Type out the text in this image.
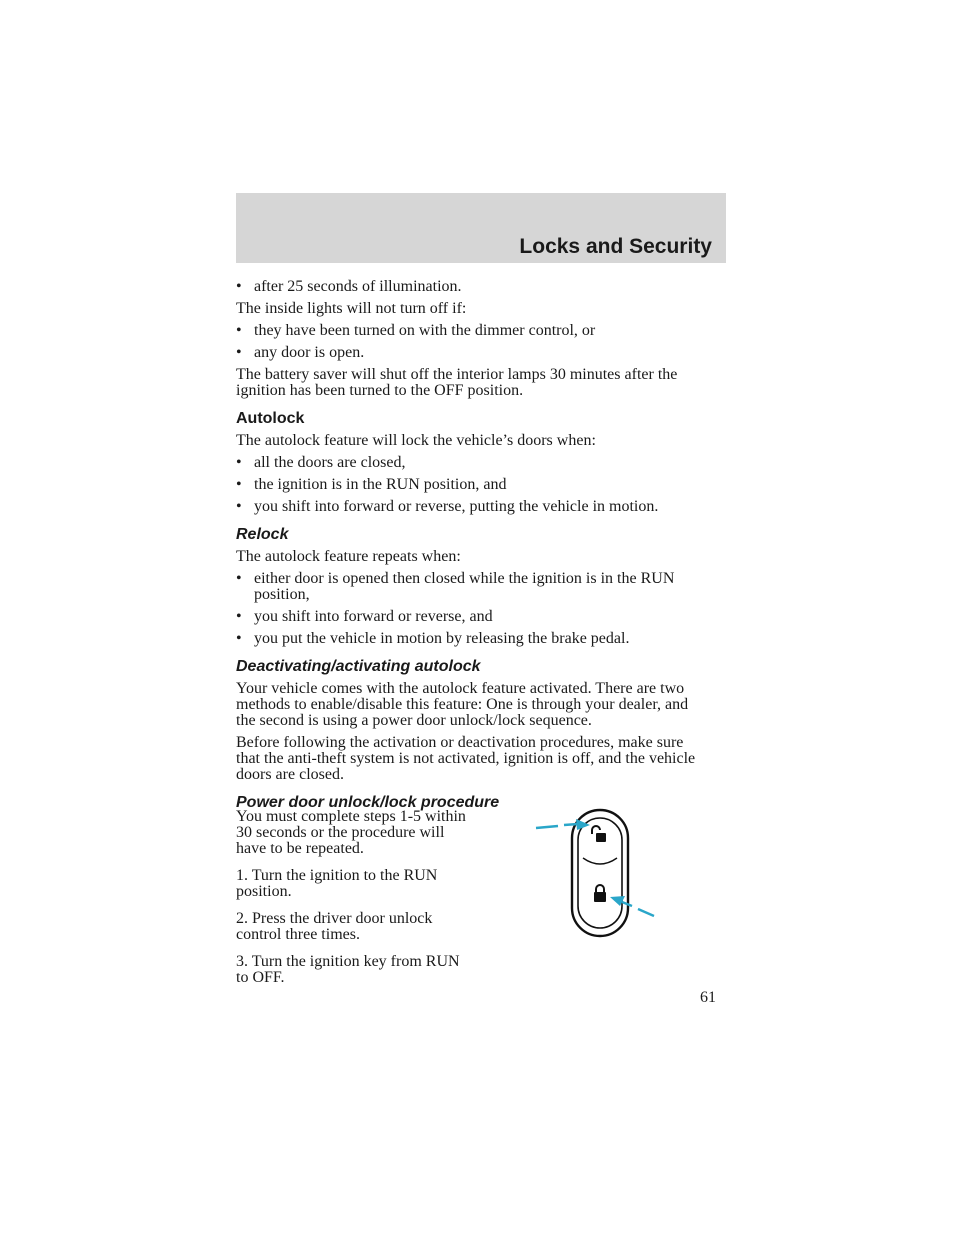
Locks and Security
• after 25 seconds of illumination.

The inside lights will not turn off if:

• they have been turned on with the dimmer control, or
• any door is open.

The battery saver will shut off the interior lamps 30 minutes after the
ignition has been turned to the OFF position.

Autolock

The autolock feature will lock the vehicle’s doors when:

• all the doors are closed,
• the ignition is in the RUN position, and
• you shift into forward or reverse, putting the vehicle in motion.
Relock

The autolock feature repeats when:

• either door is opened then closed while the ignition is in the RUN
position,
• you shift into forward or reverse, and
• you put the vehicle in motion by releasing the brake pedal.
Deactivating/activating autolock

Your vehicle comes with the autolock feature activated. There are two
methods to enable/disable this feature: One is through your dealer, and
the second is using a power door unlock/lock sequence.

Before following the activation or deactivation procedures, make sure
that the anti-theft system is not activated, ignition is off, and the vehicle
doors are closed.

Power door unlock/lock procedure

You must complete steps 1-5 within
30 seconds or the procedure will
have to be repeated.

1. Turn the ignition to the RUN
position.

2. Press the driver door unlock
control three times.

3. Turn the ignition key from RUN
to OFF.

61
